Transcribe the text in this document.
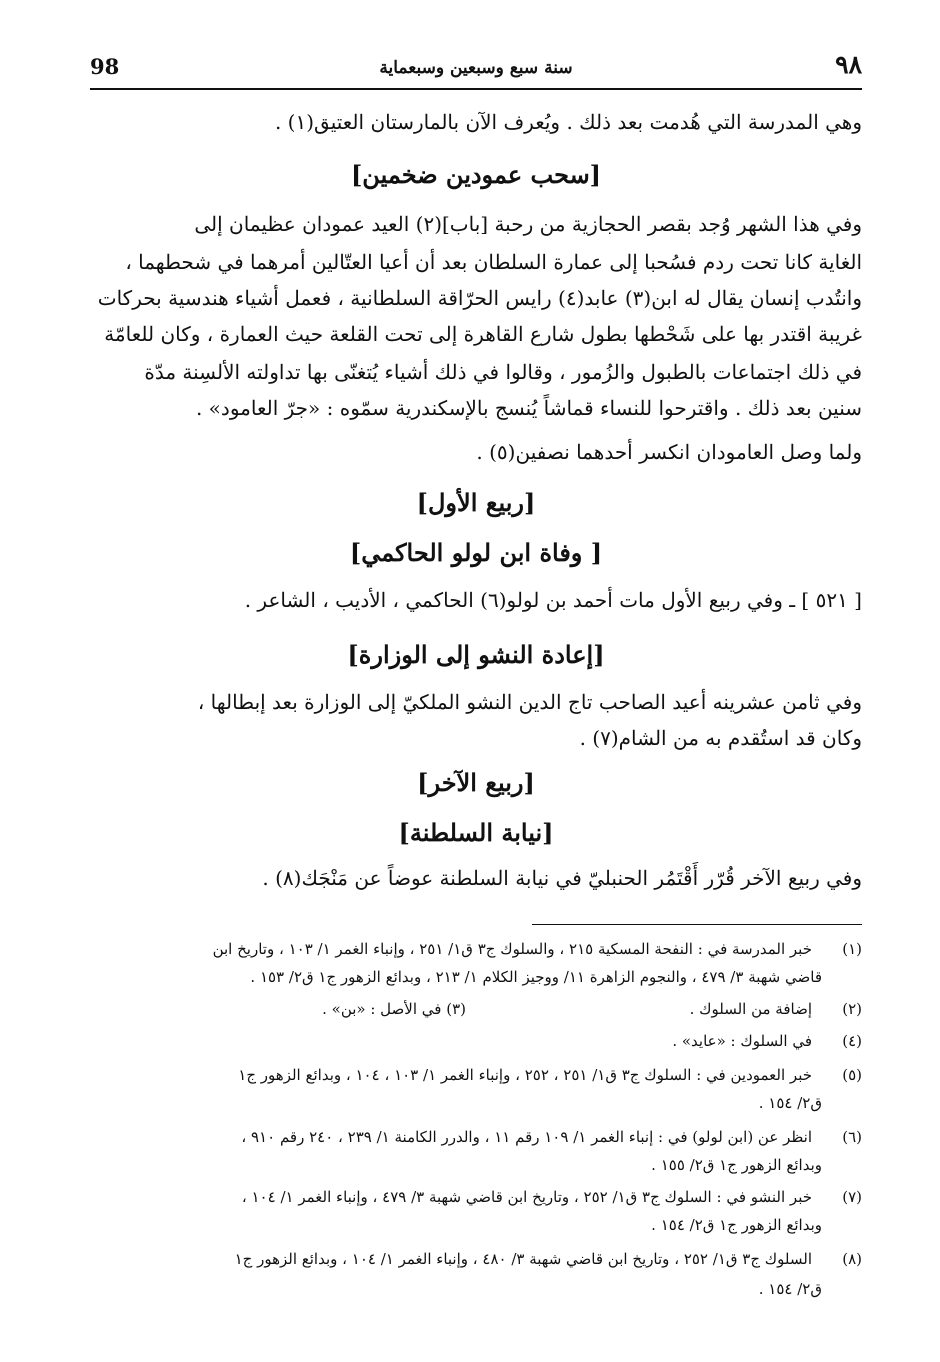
98	سنة سبع وسبعين وسبعماية	٩٨
وهي المدرسة التي هُدمت بعد ذلك . ويُعرف الآن بالمارستان العتيق(١) .
[سحب عمودين ضخمين]
وفي هذا الشهر وُجد بقصر الحجازية من رحبة [باب](٢) العيد عمودان عظيمان إلى
الغاية كانا تحت ردم فسُحبا إلى عمارة السلطان بعد أن أعيا العتّالين أمرهما في شحطهما ،
وانتُدب إنسان يقال له ابن(٣) عابد(٤) رايس الحرّاقة السلطانية ، فعمل أشياء هندسية بحركات
غريبة اقتدر بها على شَحْطها بطول شارع القاهرة إلى تحت القلعة حيث العمارة ، وكان للعامّة
في ذلك اجتماعات بالطبول والزُمور ، وقالوا في ذلك أشياء يُتغنّى بها تداولته الألسِنة مدّة
سنين بعد ذلك . واقترحوا للنساء قماشاً يُنسج بالإسكندرية سمّوه : «جرّ العامود» .
ولما وصل العامودان انكسر أحدهما نصفين(٥) .
[ربيع الأول]
[ وفاة ابن لولو الحاكمي]
[ ٥٢١ ] ـ وفي ربيع الأول مات أحمد بن لولو(٦) الحاكمي ، الأديب ، الشاعر .
[إعادة النشو إلى الوزارة]
وفي ثامن عشرينه أعيد الصاحب تاج الدين النشو الملكيّ إلى الوزارة بعد إبطالها ،
وكان قد استُقدم به من الشام(٧) .
[ربيع الآخر]
[نيابة السلطنة]
وفي ربيع الآخر قُرّر أَقْتَمُر الحنبليّ في نيابة السلطنة عوضاً عن مَنْجَك(٨) .
(١)
خبر المدرسة في : النفحة المسكية ٢١٥ ، والسلوك ج٣ ق١/ ٢٥١ ، وإنباء الغمر ١/ ١٠٣ ، وتاريخ ابن
قاضي شهبة ٣/ ٤٧٩ ، والنجوم الزاهرة ١١/ ووجيز الكلام ١/ ٢١٣ ، وبدائع الزهور ج١ ق٢/ ١٥٣ .
(٢)
إضافة من السلوك .
(٣) في الأصل : «بن» .
(٤)
في السلوك : «عايد» .
(٥)
خبر العمودين في : السلوك ج٣ ق١/ ٢٥١ ، ٢٥٢ ، وإنباء الغمر ١/ ١٠٣ ، ١٠٤ ، وبدائع الزهور ج١
ق٢/ ١٥٤ .
(٦)
انظر عن (ابن لولو) في : إنباء الغمر ١/ ١٠٩ رقم ١١ ، والدرر الكامنة ١/ ٢٣٩ ، ٢٤٠ رقم ٩١٠ ،
وبدائع الزهور ج١ ق٢/ ١٥٥ .
(٧)
خبر النشو في : السلوك ج٣ ق١/ ٢٥٢ ، وتاريخ ابن قاضي شهبة ٣/ ٤٧٩ ، وإنباء الغمر ١/ ١٠٤ ،
وبدائع الزهور ج١ ق٢/ ١٥٤ .
(٨)
السلوك ج٣ ق١/ ٢٥٢ ، وتاريخ ابن قاضي شهبة ٣/ ٤٨٠ ، وإنباء الغمر ١/ ١٠٤ ، وبدائع الزهور ج١
ق٢/ ١٥٤ .
